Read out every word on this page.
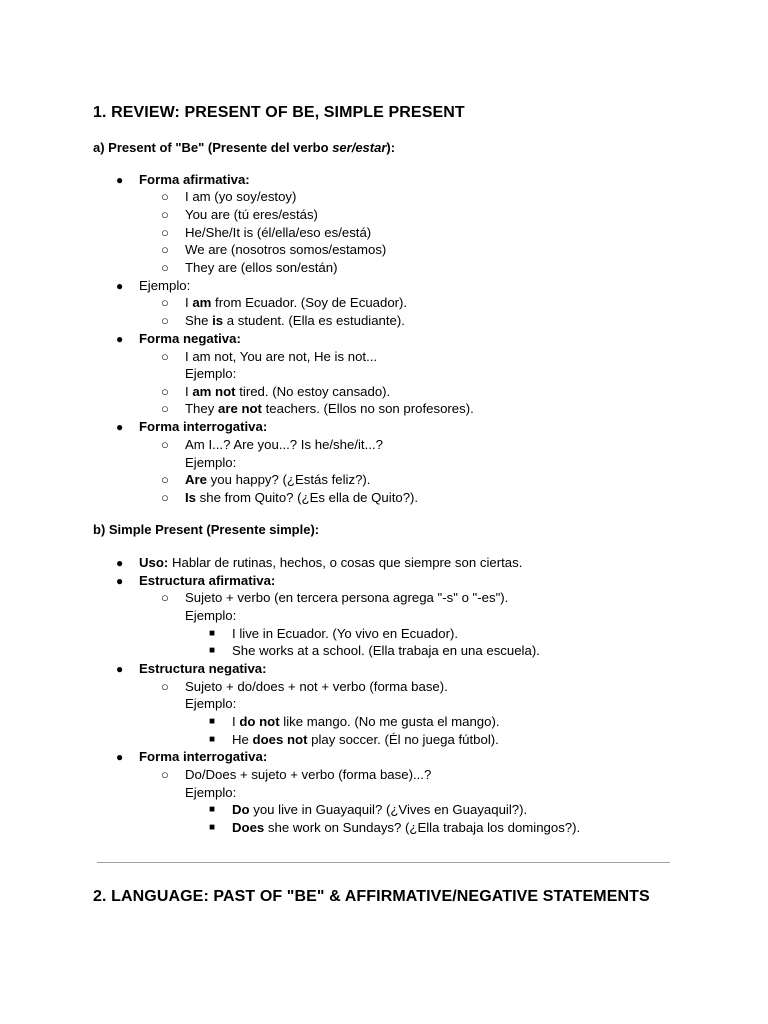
1. REVIEW: PRESENT OF BE, SIMPLE PRESENT
a) Present of "Be" (Presente del verbo ser/estar):
● Forma afirmativa:
○ I am (yo soy/estoy)
○ You are (tú eres/estás)
○ He/She/It is (él/ella/eso es/está)
○ We are (nosotros somos/estamos)
○ They are (ellos son/están)
● Ejemplo:
○ I am from Ecuador. (Soy de Ecuador).
○ She is a student. (Ella es estudiante).
● Forma negativa:
○ I am not, You are not, He is not...
Ejemplo:
○ I am not tired. (No estoy cansado).
○ They are not teachers. (Ellos no son profesores).
● Forma interrogativa:
○ Am I...? Are you...? Is he/she/it...?
Ejemplo:
○ Are you happy? (¿Estás feliz?).
○ Is she from Quito? (¿Es ella de Quito?).
b) Simple Present (Presente simple):
● Uso: Hablar de rutinas, hechos, o cosas que siempre son ciertas.
● Estructura afirmativa:
○ Sujeto + verbo (en tercera persona agrega "-s" o "-es").
Ejemplo:
■ I live in Ecuador. (Yo vivo en Ecuador).
■ She works at a school. (Ella trabaja en una escuela).
● Estructura negativa:
○ Sujeto + do/does + not + verbo (forma base).
Ejemplo:
■ I do not like mango. (No me gusta el mango).
■ He does not play soccer. (Él no juega fútbol).
● Forma interrogativa:
○ Do/Does + sujeto + verbo (forma base)...?
Ejemplo:
■ Do you live in Guayaquil? (¿Vives en Guayaquil?).
■ Does she work on Sundays? (¿Ella trabaja los domingos?).
2. LANGUAGE: PAST OF "BE" & AFFIRMATIVE/NEGATIVE STATEMENTS
